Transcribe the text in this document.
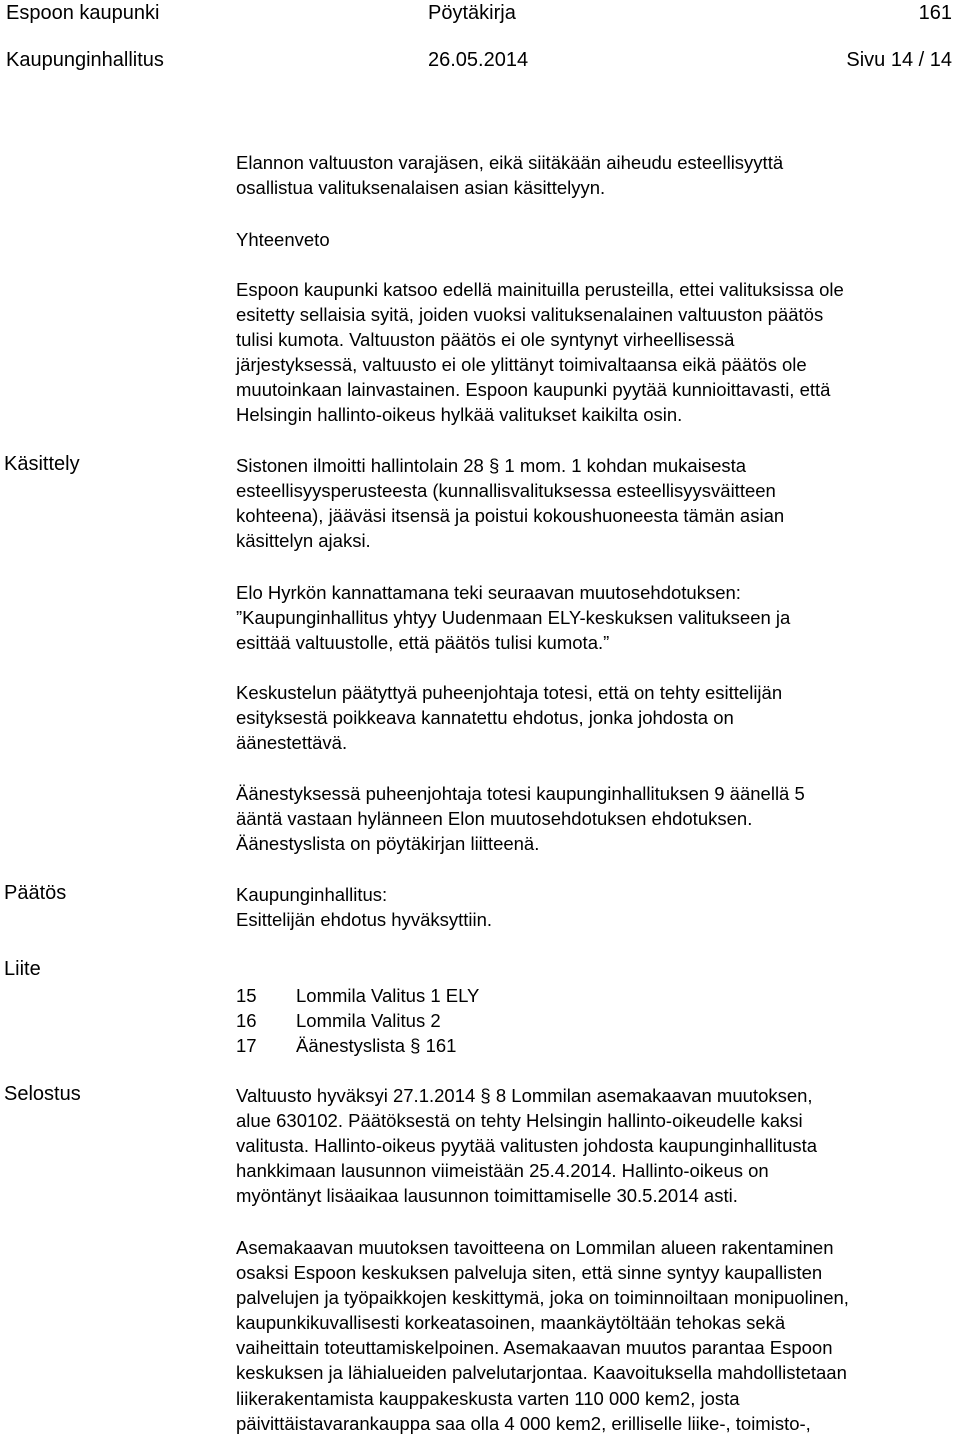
Espoon kaupunki	Pöytäkirja	161
Kaupunginhallitus	26.05.2014	Sivu 14 / 14
Elannon valtuuston varajäsen, eikä siitäkään aiheudu esteellisyyttä
osallistua valituksenalaisen asian käsittelyyn.
Yhteenveto
Espoon kaupunki katsoo edellä mainituilla perusteilla, ettei valituksissa ole
esitetty sellaisia syitä, joiden vuoksi valituksenalainen valtuuston päätös
tulisi kumota. Valtuuston päätös ei ole syntynyt virheellisessä
järjestyksessä, valtuusto ei ole ylittänyt toimivaltaansa eikä päätös ole
muutoinkaan lainvastainen. Espoon kaupunki pyytää kunnioittavasti, että
Helsingin hallinto-oikeus hylkää valitukset kaikilta osin.
Käsittely	Sistonen ilmoitti hallintolain 28 § 1 mom. 1 kohdan mukaisesta
esteellisyysperusteesta (kunnallisvalituksessa esteellisyysväitteen
kohteena), jääväsi itsensä ja poistui kokoushuoneesta tämän asian
käsittelyn ajaksi.
Elo Hyrkön kannattamana teki seuraavan muutosehdotuksen:
”Kaupunginhallitus yhtyy Uudenmaan ELY-keskuksen valitukseen ja
esittää valtuustolle, että päätös tulisi kumota.”
Keskustelun päätyttyä puheenjohtaja totesi, että on tehty esittelijän
esityksestä poikkeava kannatettu ehdotus, jonka johdosta on
äänestettävä.
Äänestyksessä puheenjohtaja totesi kaupunginhallituksen 9 äänellä 5
ääntä vastaan hylänneen Elon muutosehdotuksen ehdotuksen.
Äänestyslista on pöytäkirjan liitteenä.
Päätös	Kaupunginhallitus:
Esittelijän ehdotus hyväksyttiin.
Liite
15 Lommila Valitus 1 ELY
16 Lommila Valitus 2
17 Äänestyslista § 161
Selostus	Valtuusto hyväksyi 27.1.2014 § 8 Lommilan asemakaavan muutoksen,
alue 630102. Päätöksestä on tehty Helsingin hallinto-oikeudelle kaksi
valitusta. Hallinto-oikeus pyytää valitusten johdosta kaupunginhallitusta
hankkimaan lausunnon viimeistään 25.4.2014. Hallinto-oikeus on
myöntänyt lisäaikaa lausunnon toimittamiselle 30.5.2014 asti.
Asemakaavan muutoksen tavoitteena on Lommilan alueen rakentaminen
osaksi Espoon keskuksen palveluja siten, että sinne syntyy kaupallisten
palvelujen ja työpaikkojen keskittymä, joka on toiminnoiltaan monipuolinen,
kaupunkikuvallisesti korkeatasoinen, maankäytöltään tehokas sekä
vaiheittain toteuttamiskelpoinen. Asemakaavan muutos parantaa Espoon
keskuksen ja lähialueiden palvelutarjontaa. Kaavoituksella mahdollistetaan
liikerakentamista kauppakeskusta varten 110 000 kem2, josta
päivittäistavarankauppa saa olla 4 000 kem2, erilliselle liike-, toimisto-,
